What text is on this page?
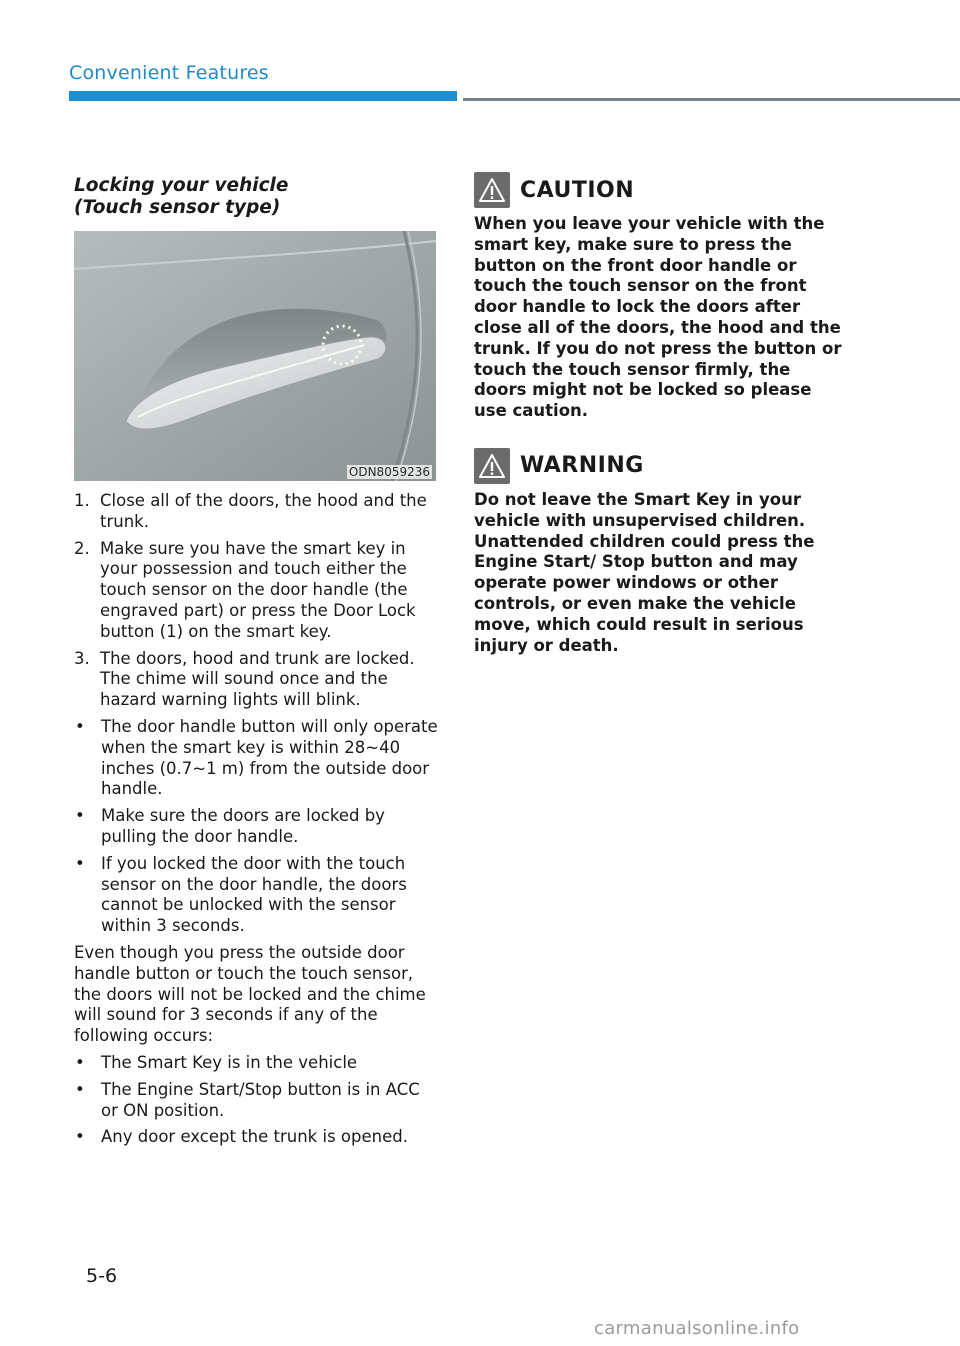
Convenient Features
Locking your vehicle
(Touch sensor type)
ODN8059236
1. Close all of the doors, the hood and the trunk.
2. Make sure you have the smart key in your possession and touch either the touch sensor on the door handle (the engraved part) or press the Door Lock button (1) on the smart key.
3. The doors, hood and trunk are locked. The chime will sound once and the hazard warning lights will blink.
• The door handle button will only operate when the smart key is within 28~40 inches (0.7~1 m) from the outside door handle.
• Make sure the doors are locked by pulling the door handle.
• If you locked the door with the touch sensor on the door handle, the doors cannot be unlocked with the sensor within 3 seconds.

Even though you press the outside door handle button or touch the touch sensor, the doors will not be locked and the chime will sound for 3 seconds if any of the following occurs:

• The Smart Key is in the vehicle
• The Engine Start/Stop button is in ACC or ON position.
• Any door except the trunk is opened.
CAUTION
When you leave your vehicle with the smart key, make sure to press the button on the front door handle or touch the touch sensor on the front door handle to lock the doors after close all of the doors, the hood and the trunk. If you do not press the button or touch the touch sensor firmly, the doors might not be locked so please use caution.
WARNING
Do not leave the Smart Key in your vehicle with unsupervised children. Unattended children could press the Engine Start/ Stop button and may operate power windows or other controls, or even make the vehicle move, which could result in serious injury or death.
5-6
carmanualsonline.info
